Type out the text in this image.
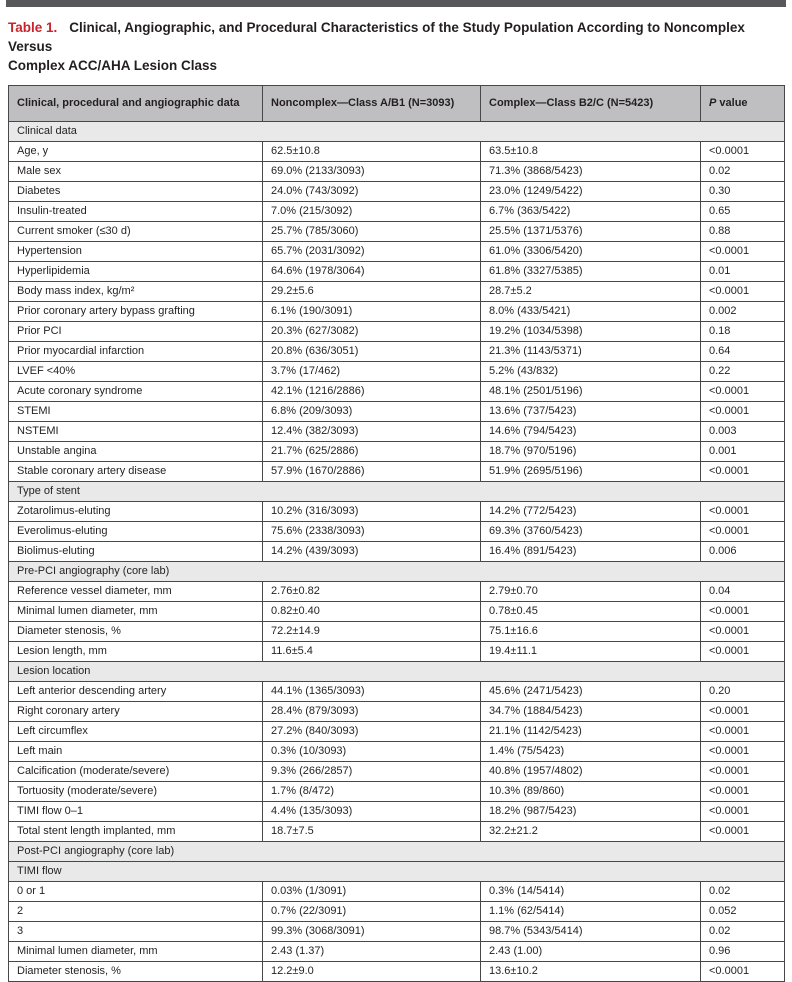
Table 1. Clinical, Angiographic, and Procedural Characteristics of the Study Population According to Noncomplex Versus
Complex ACC/AHA Lesion Class

Clinical, procedural and angiographic data	Noncomplex—Class A/B1 (N=3093)	Complex—Class B2/C (N=5423)	P value
Clinical data			
Age, y	62.5±10.8	63.5±10.8	<0.0001
Male sex	69.0% (2133/3093)	71.3% (3868/5423)	0.02
Diabetes	24.0% (743/3092)	23.0% (1249/5422)	0.30
Insulin-treated	7.0% (215/3092)	6.7% (363/5422)	0.65
Current smoker (≤30 d)	25.7% (785/3060)	25.5% (1371/5376)	0.88
Hypertension	65.7% (2031/3092)	61.0% (3306/5420)	<0.0001
Hyperlipidemia	64.6% (1978/3064)	61.8% (3327/5385)	0.01
Body mass index, kg/m²	29.2±5.6	28.7±5.2	<0.0001
Prior coronary artery bypass grafting	6.1% (190/3091)	8.0% (433/5421)	0.002
Prior PCI	20.3% (627/3082)	19.2% (1034/5398)	0.18
Prior myocardial infarction	20.8% (636/3051)	21.3% (1143/5371)	0.64
LVEF <40%	3.7% (17/462)	5.2% (43/832)	0.22
Acute coronary syndrome	42.1% (1216/2886)	48.1% (2501/5196)	<0.0001
STEMI	6.8% (209/3093)	13.6% (737/5423)	<0.0001
NSTEMI	12.4% (382/3093)	14.6% (794/5423)	0.003
Unstable angina	21.7% (625/2886)	18.7% (970/5196)	0.001
Stable coronary artery disease	57.9% (1670/2886)	51.9% (2695/5196)	<0.0001
Type of stent			
Zotarolimus-eluting	10.2% (316/3093)	14.2% (772/5423)	<0.0001
Everolimus-eluting	75.6% (2338/3093)	69.3% (3760/5423)	<0.0001
Biolimus-eluting	14.2% (439/3093)	16.4% (891/5423)	0.006
Pre-PCI angiography (core lab)			
Reference vessel diameter, mm	2.76±0.82	2.79±0.70	0.04
Minimal lumen diameter, mm	0.82±0.40	0.78±0.45	<0.0001
Diameter stenosis, %	72.2±14.9	75.1±16.6	<0.0001
Lesion length, mm	11.6±5.4	19.4±11.1	<0.0001
Lesion location			
Left anterior descending artery	44.1% (1365/3093)	45.6% (2471/5423)	0.20
Right coronary artery	28.4% (879/3093)	34.7% (1884/5423)	<0.0001
Left circumflex	27.2% (840/3093)	21.1% (1142/5423)	<0.0001
Left main	0.3% (10/3093)	1.4% (75/5423)	<0.0001
Calcification (moderate/severe)	9.3% (266/2857)	40.8% (1957/4802)	<0.0001
Tortuosity (moderate/severe)	1.7% (8/472)	10.3% (89/860)	<0.0001
TIMI flow 0–1	4.4% (135/3093)	18.2% (987/5423)	<0.0001
Total stent length implanted, mm	18.7±7.5	32.2±21.2	<0.0001
Post-PCI angiography (core lab)			
TIMI flow			
0 or 1	0.03% (1/3091)	0.3% (14/5414)	0.02
2	0.7% (22/3091)	1.1% (62/5414)	0.052
3	99.3% (3068/3091)	98.7% (5343/5414)	0.02
Minimal lumen diameter, mm	2.43 (1.37)	2.43 (1.00)	0.96
Diameter stenosis, %	12.2±9.0	13.6±10.2	<0.0001
